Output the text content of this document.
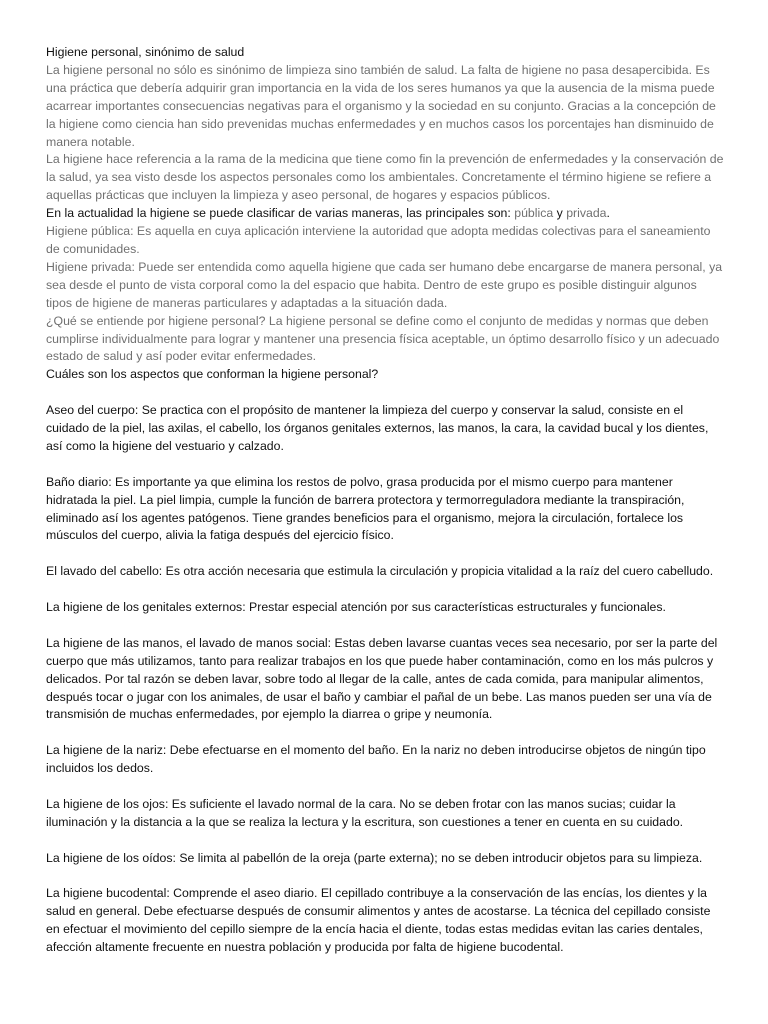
Higiene personal, sinónimo de salud

La higiene personal no sólo es sinónimo de limpieza sino también de salud. La falta de higiene no pasa desapercibida. Es una práctica que debería adquirir gran importancia en la vida de los seres humanos ya que la ausencia de la misma puede acarrear importantes consecuencias negativas para el organismo y la sociedad en su conjunto. Gracias a la concepción de la higiene como ciencia han sido prevenidas muchas enfermedades y en muchos casos los porcentajes han disminuido de manera notable.

La higiene hace referencia a la rama de la medicina que tiene como fin la prevención de enfermedades y la conservación de la salud, ya sea visto desde los aspectos personales como los ambientales. Concretamente el término higiene se refiere a aquellas prácticas que incluyen la limpieza y aseo personal, de hogares y espacios públicos.

En la actualidad la higiene se puede clasificar de varias maneras, las principales son: pública y privada.

Higiene pública: Es aquella en cuya aplicación interviene la autoridad que adopta medidas colectivas para el saneamiento de comunidades.

Higiene privada: Puede ser entendida como aquella higiene que cada ser humano debe encargarse de manera personal, ya sea desde el punto de vista corporal como la del espacio que habita. Dentro de este grupo es posible distinguir algunos tipos de higiene de maneras particulares y adaptadas a la situación dada.

¿Qué se entiende por higiene personal? La higiene personal se define como el conjunto de medidas y normas que deben cumplirse individualmente para lograr y mantener una presencia física aceptable, un óptimo desarrollo físico y un adecuado estado de salud y así poder evitar enfermedades.

Cuáles son los aspectos que conforman la higiene personal?

Aseo del cuerpo: Se practica con el propósito de mantener la limpieza del cuerpo y conservar la salud, consiste en el cuidado de la piel, las axilas, el cabello, los órganos genitales externos, las manos, la cara, la cavidad bucal y los dientes, así como la higiene del vestuario y calzado.

Baño diario: Es importante ya que elimina los restos de polvo, grasa producida por el mismo cuerpo para mantener hidratada la piel. La piel limpia, cumple la función de barrera protectora y termorreguladora mediante la transpiración, eliminado así los agentes patógenos. Tiene grandes beneficios para el organismo, mejora la circulación, fortalece los músculos del cuerpo, alivia la fatiga después del ejercicio físico.

El lavado del cabello: Es otra acción necesaria que estimula la circulación y propicia vitalidad a la raíz del cuero cabelludo.

La higiene de los genitales externos: Prestar especial atención por sus características estructurales y funcionales.

La higiene de las manos, el lavado de manos social: Estas deben lavarse cuantas veces sea necesario, por ser la parte del cuerpo que más utilizamos, tanto para realizar trabajos en los que puede haber contaminación, como en los más pulcros y delicados. Por tal razón se deben lavar, sobre todo al llegar de la calle, antes de cada comida, para manipular alimentos, después tocar o jugar con los animales, de usar el baño y cambiar el pañal de un bebe. Las manos pueden ser una vía de transmisión de muchas enfermedades, por ejemplo la diarrea o gripe y neumonía.

La higiene de la nariz: Debe efectuarse en el momento del baño. En la nariz no deben introducirse objetos de ningún tipo incluidos los dedos.

La higiene de los ojos: Es suficiente el lavado normal de la cara. No se deben frotar con las manos sucias; cuidar la iluminación y la distancia a la que se realiza la lectura y la escritura, son cuestiones a tener en cuenta en su cuidado.

La higiene de los oídos: Se limita al pabellón de la oreja (parte externa); no se deben introducir objetos para su limpieza.

La higiene bucodental: Comprende el aseo diario. El cepillado contribuye a la conservación de las encías, los dientes y la salud en general. Debe efectuarse después de consumir alimentos y antes de acostarse. La técnica del cepillado consiste en efectuar el movimiento del cepillo siempre de la encía hacia el diente, todas estas medidas evitan las caries dentales, afección altamente frecuente en nuestra población y producida por falta de higiene bucodental.
